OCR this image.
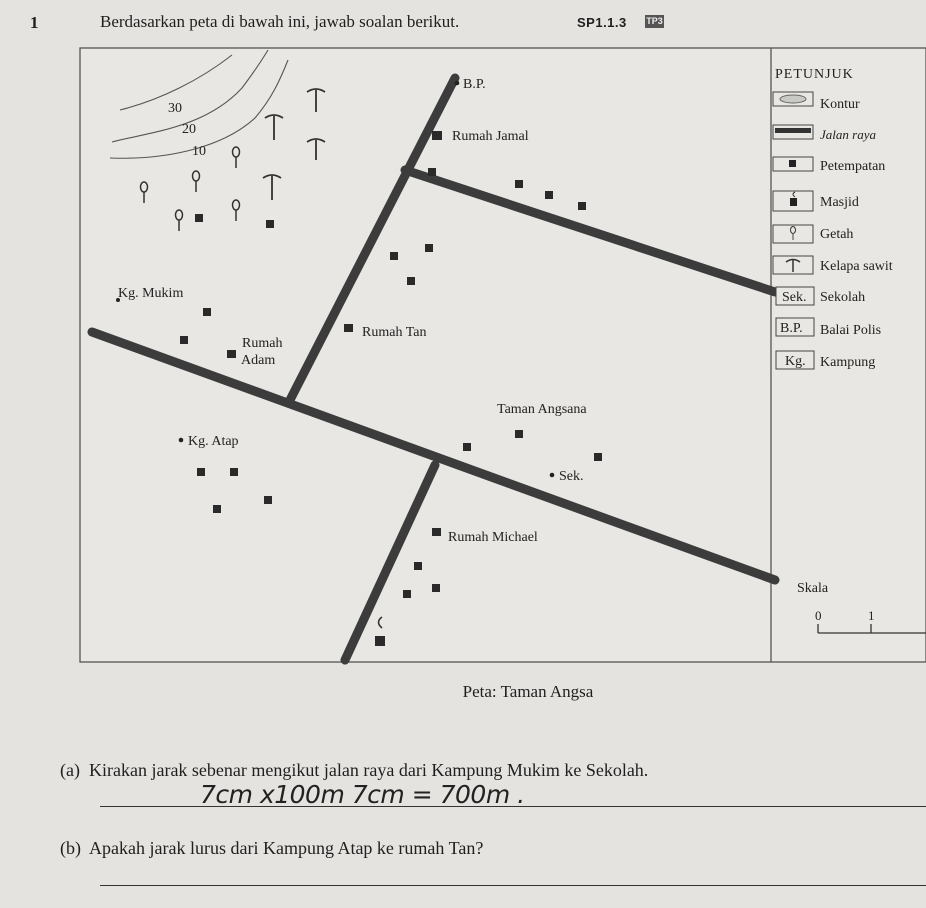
1	Berdasarkan peta di bawah ini, jawab soalan berikut.	SP1.1.3 TP3
30
20
10
B.P.
Rumah Jamal
Kg. Mukim
Rumah
Adam
Rumah Tan
Taman Angsana
Kg. Atap
Sek.
Rumah Michael
PETUNJUK
Sek.
B.P.
Kg.
Kontur
Jalan raya
Petempatan
Masjid
Getah
Kelapa sawit
Sekolah
Balai Polis
Kampung
Skala
0	1
Peta: Taman Angsa
(a) Kirakan jarak sebenar mengikut jalan raya dari Kampung Mukim ke Sekolah.
7cm x100m 7cm = 700m .
(b) Apakah jarak lurus dari Kampung Atap ke rumah Tan?
